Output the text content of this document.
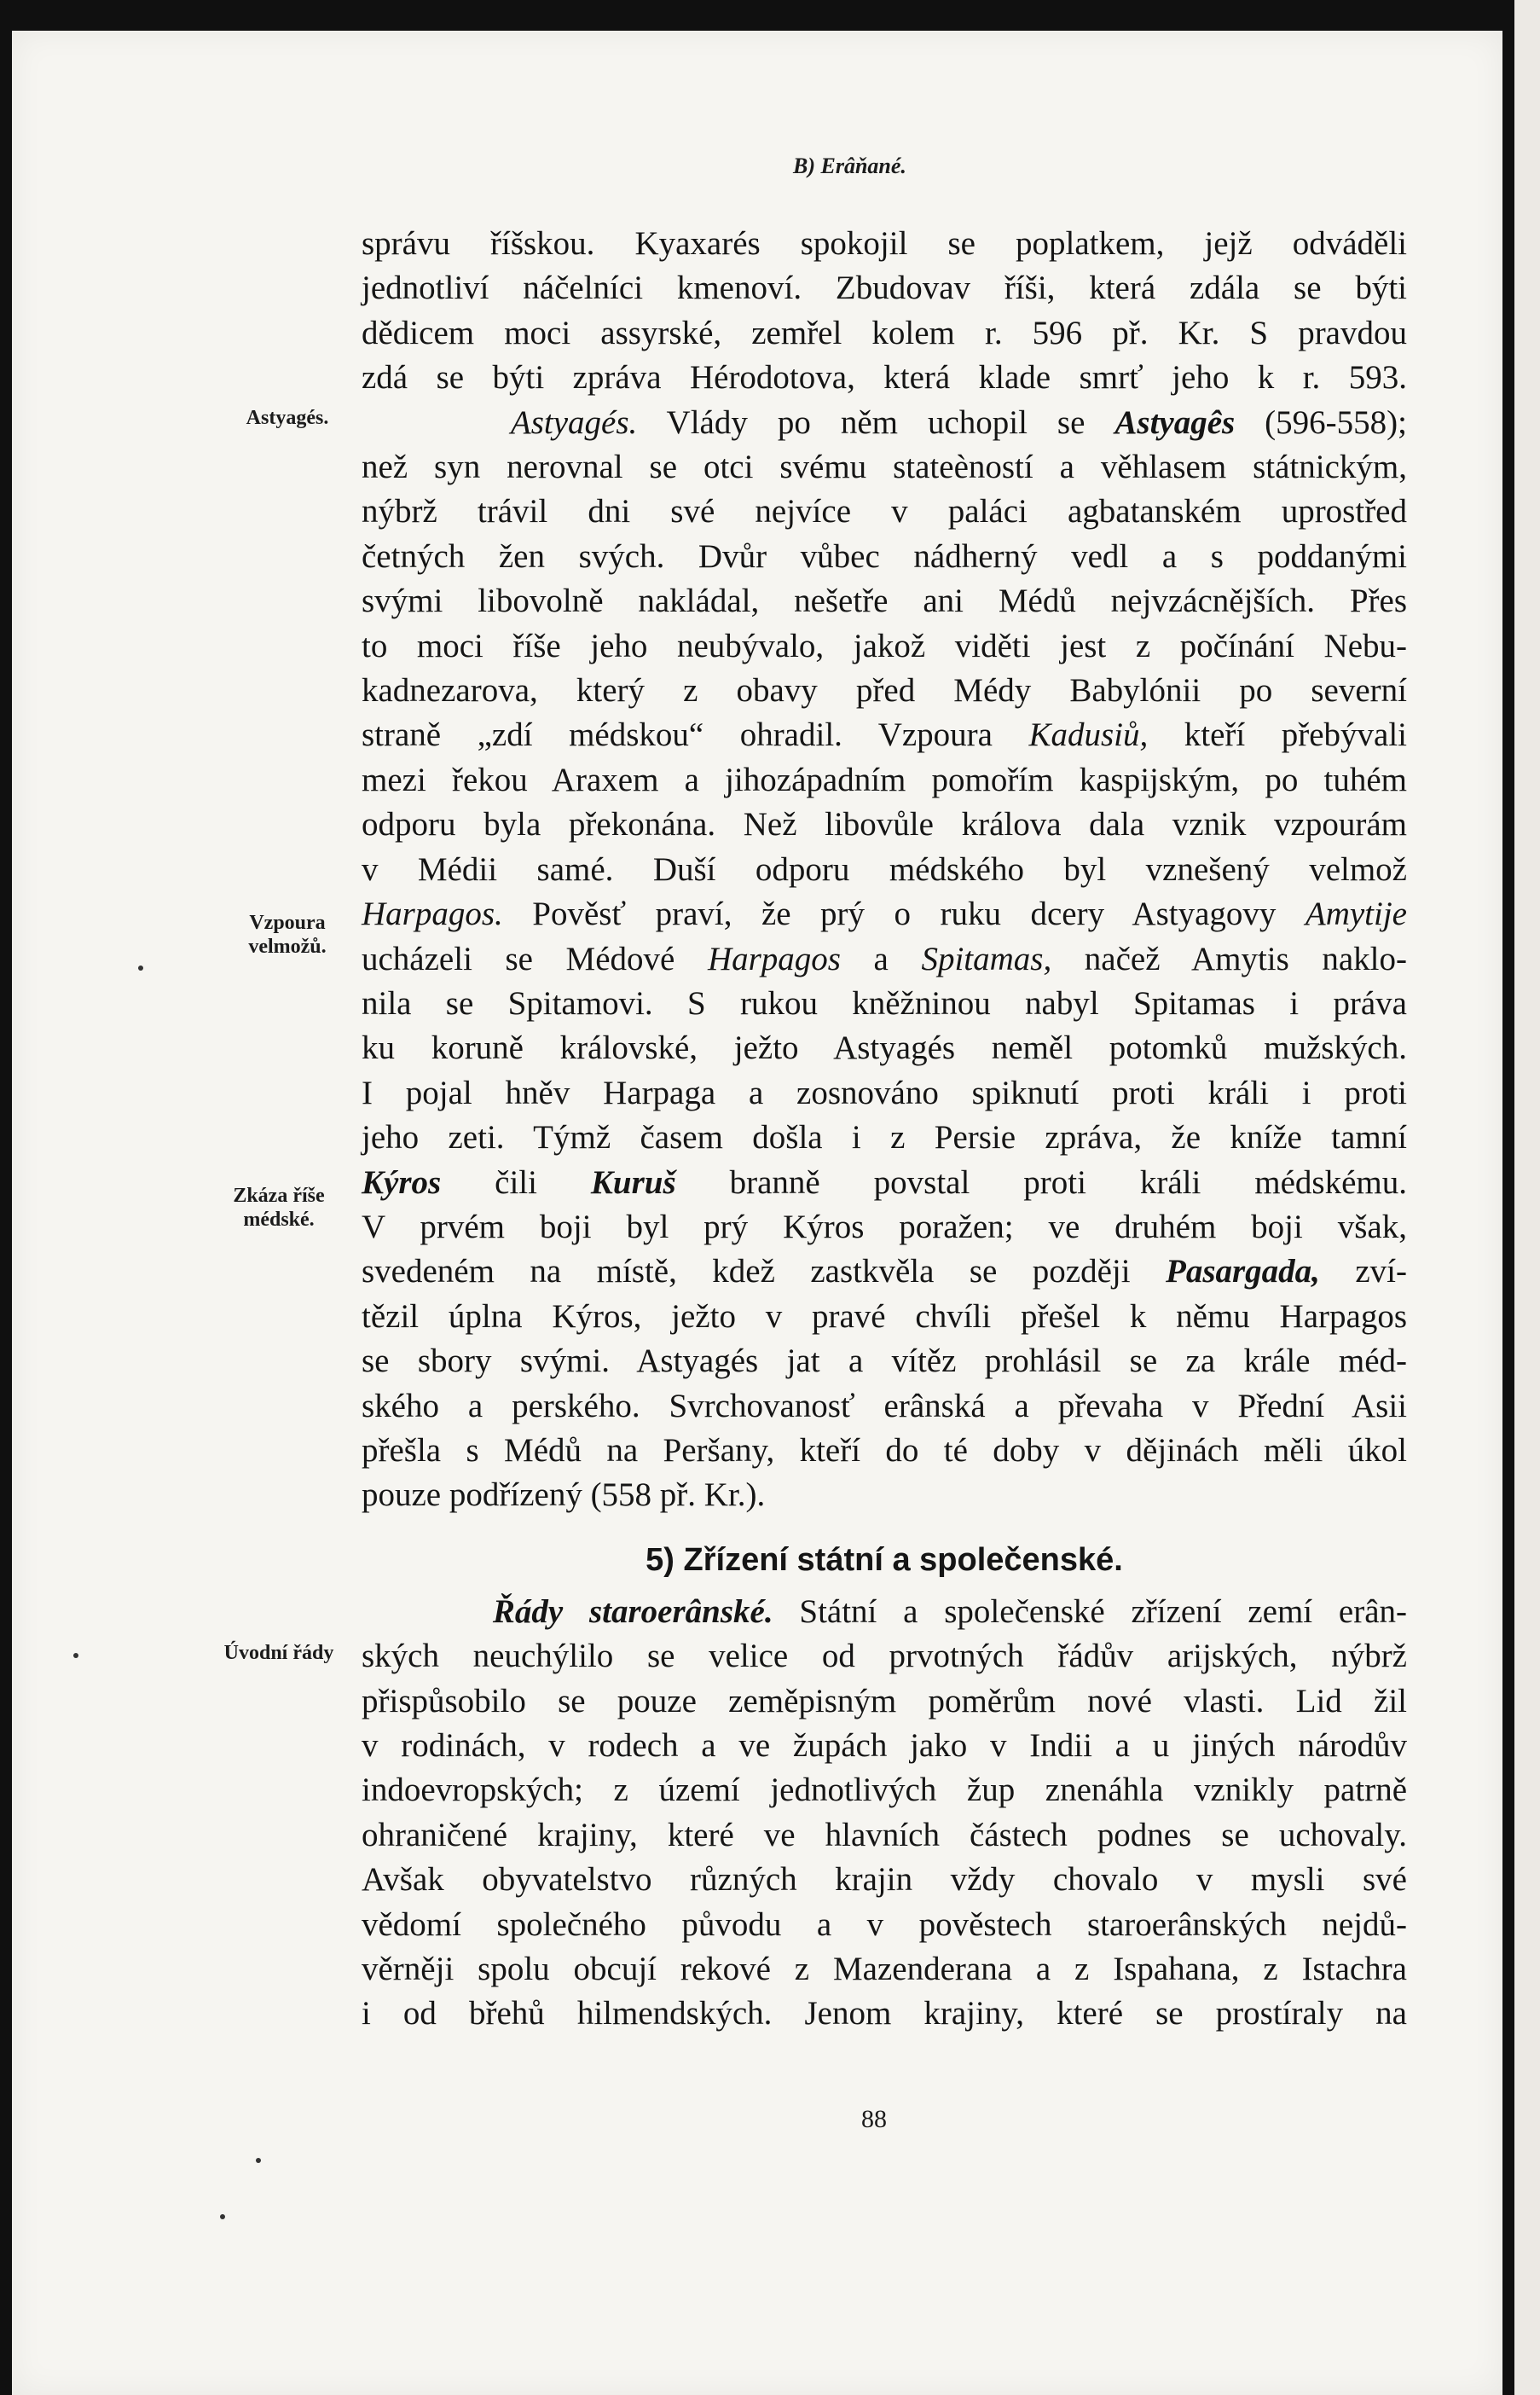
B) Erâňané.
Astyagés.
Vzpoura
velmožů.
Zkáza říše
médské.
Úvodní řády
správu říšskou. Kyaxarés spokojil se poplatkem, jejž odváděli
jednotliví náčelníci kmenoví. Zbudovav říši, která zdála se býti
dědicem moci assyrské, zemřel kolem r. 596 př. Kr. S pravdou
zdá se býti zpráva Hérodotova, která klade smrť jeho k r. 593.
Astyagés. Vlády po něm uchopil se Astyagês (596-558);
než syn nerovnal se otci svému stateèností a věhlasem státnickým,
nýbrž trávil dni své nejvíce v paláci agbatanském uprostřed
četných žen svých. Dvůr vůbec nádherný vedl a s poddanými
svými libovolně nakládal, nešetře ani Médů nejvzácnějších. Přes
to moci říše jeho neubývalo, jakož viděti jest z počínání Nebu-
kadnezarova, který z obavy před Médy Babylónii po severní
straně „zdí médskou“ ohradil. Vzpoura Kadusiů, kteří přebývali
mezi řekou Araxem a jihozápadním pomořím kaspijským, po tuhém
odporu byla překonána. Než libovůle králova dala vznik vzpourám
v Médii samé. Duší odporu médského byl vznešený velmož
Harpagos. Pověsť praví, že prý o ruku dcery Astyagovy Amytije
ucházeli se Médové Harpagos a Spitamas, načež Amytis naklo-
nila se Spitamovi. S rukou kněžninou nabyl Spitamas i práva
ku koruně královské, ježto Astyagés neměl potomků mužských.
I pojal hněv Harpaga a zosnováno spiknutí proti králi i proti
jeho zeti. Týmž časem došla i z Persie zpráva, že kníže tamní
Kýros čili Kuruš branně povstal proti králi médskému.
V prvém boji byl prý Kýros poražen; ve druhém boji však,
svedeném na místě, kdež zastkvěla se později Pasargada, zví-
tězil úplna Kýros, ježto v pravé chvíli přešel k němu Harpagos
se sbory svými. Astyagés jat a vítěz prohlásil se za krále méd-
ského a perského. Svrchovanosť erânská a převaha v Přední Asii
přešla s Médů na Peršany, kteří do té doby v dějinách měli úkol
pouze podřízený (558 př. Kr.).
5) Zřízení státní a společenské.
Řády staroerânské. Státní a společenské zřízení zemí erân-
ských neuchýlilo se velice od prvotných řádův arijských, nýbrž
přispůsobilo se pouze zeměpisným poměrům nové vlasti. Lid žil
v rodinách, v rodech a ve župách jako v Indii a u jiných národův
indoevropských; z území jednotlivých žup znenáhla vznikly patrně
ohraničené krajiny, které ve hlavních částech podnes se uchovaly.
Avšak obyvatelstvo různých krajin vždy chovalo v mysli své
vědomí společného původu a v pověstech staroerânských nejdů-
věrněji spolu obcují rekové z Mazenderana a z Ispahana, z Istachra
i od břehů hilmendských. Jenom krajiny, které se prostíraly na
88
